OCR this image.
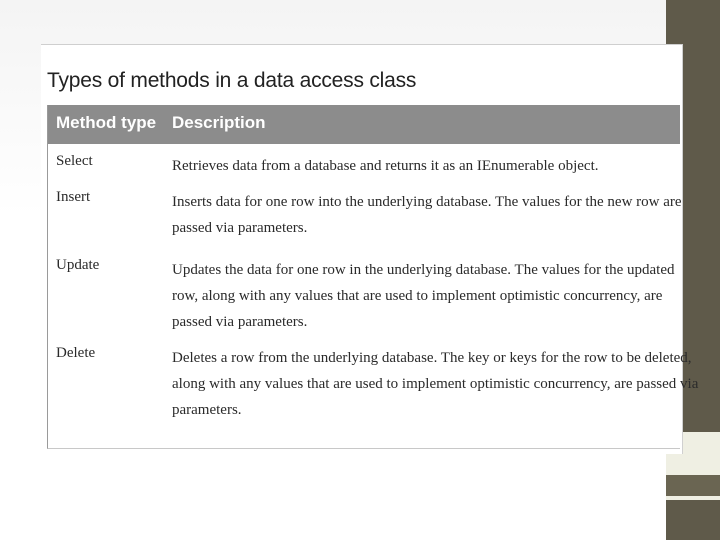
Types of methods in a data access class
Method type Description
Select	Retrieves data from a database and returns it as an IEnumerable object.
Insert	Inserts data for one row into the underlying database. The values for the new row are
passed via parameters.
Update	Updates the data for one row in the underlying database. The values for the updated
row, along with any values that are used to implement optimistic concurrency, are
passed via parameters.
Delete	Deletes a row from the underlying database. The key or keys for the row to be deleted,
along with any values that are used to implement optimistic concurrency, are passed via
parameters.
